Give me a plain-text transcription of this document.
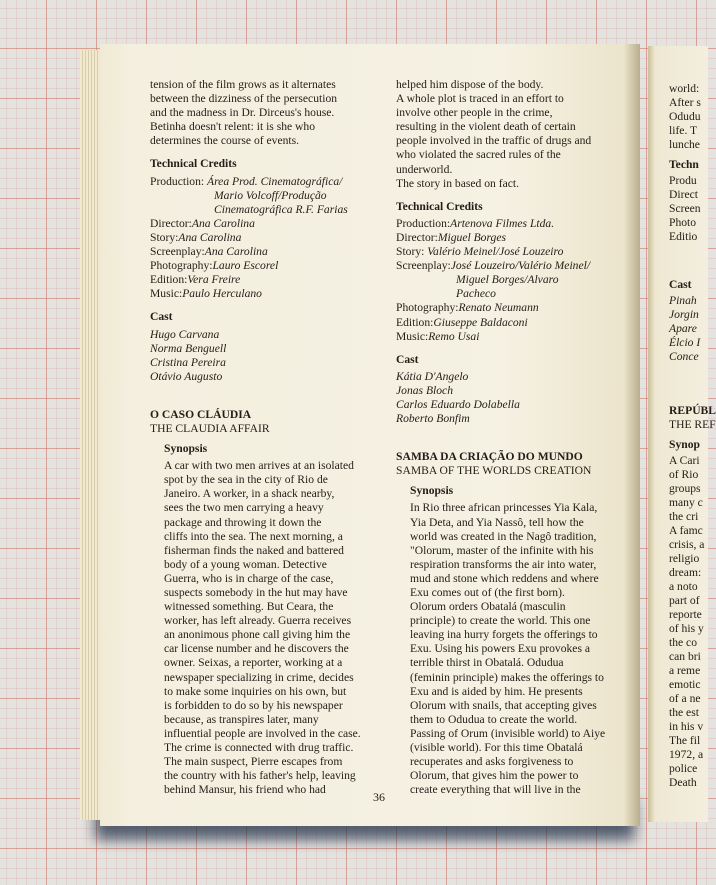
tension of the film grows as it alternates

between the dizziness of the persecution

and the madness in Dr. Dirceus's house.

Betinha doesn't relent: it is she who

determines the course of events.

Technical Credits

Production: Área Prod. Cinematográfica/

Mario Volcoff/Produção

Cinematográfica R.F. Farias

Director:Ana Carolina

Story:Ana Carolina

Screenplay:Ana Carolina

Photography:Lauro Escorel

Edition:Vera Freire

Music:Paulo Herculano

Cast

Hugo Carvana

Norma Benguell

Cristina Pereira

Otávio Augusto

O CASO CLÁUDIA

THE CLAUDIA AFFAIR

Synopsis

A car with two men arrives at an isolated

spot by the sea in the city of Rio de

Janeiro. A worker, in a shack nearby,

sees the two men carrying a heavy

package and throwing it down the

cliffs into the sea. The next morning, a

fisherman finds the naked and battered

body of a young woman. Detective

Guerra, who is in charge of the case,

suspects somebody in the hut may have

witnessed something. But Ceara, the

worker, has left already. Guerra receives

an anonimous phone call giving him the

car license number and he discovers the

owner. Seixas, a reporter, working at a

newspaper specializing in crime, decides

to make some inquiries on his own, but

is forbidden to do so by his newspaper

because, as transpires later, many

influential people are involved in the case.

The crime is connected with drug traffic.

The main suspect, Pierre escapes from

the country with his father's help, leaving

behind Mansur, his friend who had

helped him dispose of the body.

A whole plot is traced in an effort to

involve other people in the crime,

resulting in the violent death of certain

people involved in the traffic of drugs and

who violated the sacred rules of the

underworld.

The story in based on fact.

Technical Credits

Production:Artenova Filmes Ltda.

Director:Miguel Borges

Story: Valério Meinel/José Louzeiro

Screenplay:José Louzeiro/Valério Meinel/

Miguel Borges/Alvaro

Pacheco

Photography:Renato Neumann

Edition:Giuseppe Baldaconi

Music:Remo Usai

Cast

Kátia D'Angelo

Jonas Bloch

Carlos Eduardo Dolabella

Roberto Bonfim

SAMBA DA CRIAÇÃO DO MUNDO

SAMBA OF THE WORLDS CREATION

Synopsis

In Rio three african princesses Yia Kala,

Yia Deta, and Yia Nassô, tell how the

world was created in the Nagô tradition,

"Olorum, master of the infinite with his

respiration transforms the air into water,

mud and stone which reddens and where

Exu comes out of (the first born).

Olorum orders Obatalá (masculin

principle) to create the world. This one

leaving ina hurry forgets the offerings to

Exu. Using his powers Exu provokes a

terrible thirst in Obatalá. Odudua

(feminin principle) makes the offerings to

Exu and is aided by him. He presents

Olorum with snails, that accepting gives

them to Odudua to create the world.

Passing of Orum (invisible world) to Aiye

(visible world). For this time Obatalá

recuperates and asks forgiveness to

Olorum, that gives him the power to

create everything that will live in the

36
world:
After s
Odudu
life. T
lunche
Techn
Produ
Direct
Screen
Photo
Editio
Cast
Pinah
Jorgin
Apare
Élcio I
Conce
REPÚBL
THE REF
Synop
A Cari
of Rio
groups
many c
the cri
A famc
crisis, a
religio
dream:
a noto
part of
reporte
of his y
the co
can bri
a reme
emotic
of a ne
the est
in his v
The fil
1972, a
police
Death
